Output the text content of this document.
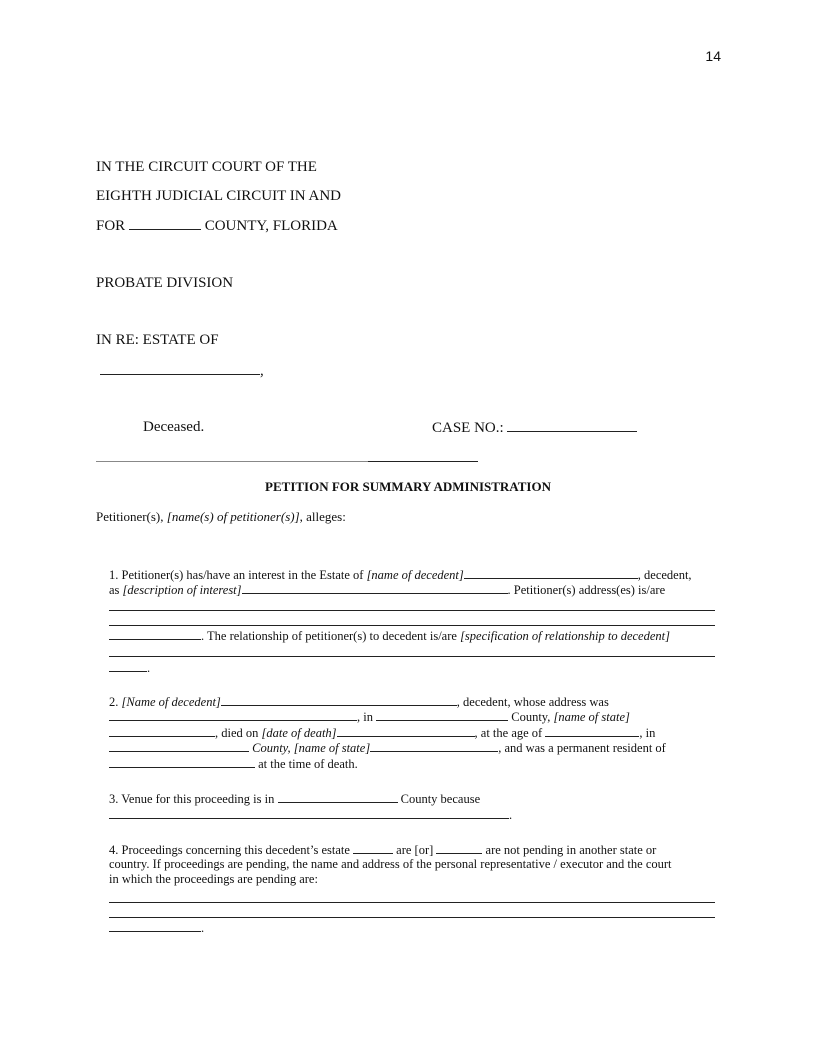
14
IN THE CIRCUIT COURT OF THE
EIGHTH JUDICIAL CIRCUIT IN AND
FOR	COUNTY, FLORIDA
PROBATE DIVISION
IN RE: ESTATE OF
,
Deceased.	CASE NO.:
PETITION FOR SUMMARY ADMINISTRATION
Petitioner(s), [name(s) of petitioner(s)], alleges:
1. Petitioner(s) has/have an interest in the Estate of [name of decedent]	, decedent,
as [description of interest]	. Petitioner(s) address(es) is/are
. The relationship of petitioner(s) to decedent is/are [specification of relationship to decedent]
.
2. [Name of decedent]	, decedent, whose address was
, in	County, [name of state]
, died on [date of death]	, at the age of	, in
County, [name of state]	, and was a permanent resident of
at the time of death.
3. Venue for this proceeding is in	County because
.
4. Proceedings concerning this decedent’s estate	are [or]	are not pending in another state or
country. If proceedings are pending, the name and address of the personal representative / executor and the court
in which the proceedings are pending are:
.
